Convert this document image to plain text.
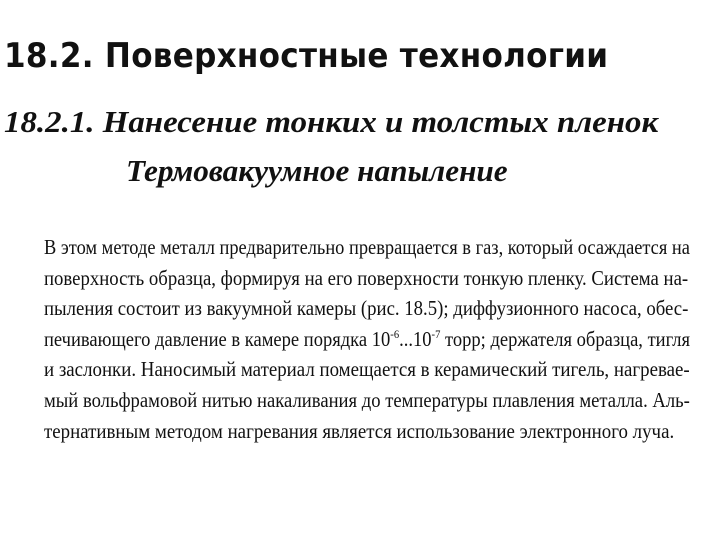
18.2. Поверхностные технологии
18.2.1. Нанесение тонких и толстых пленок
Термовакуумное напыление
В этом методе металл предварительно превращается в газ, который осаждается на
поверхность образца, формируя на его поверхности тонкую пленку. Система на-
пыления состоит из вакуумной камеры (рис. 18.5); диффузионного насоса, обес-
печивающего давление в камере порядка $10^{-6}...10^{-7}$ торр; держателя образца, тигля
и заслонки. Наносимый материал помещается в керамический тигель, нагревае-
мый вольфрамовой нитью накаливания до температуры плавления металла. Аль-
тернативным методом нагревания является использование электронного луча.
